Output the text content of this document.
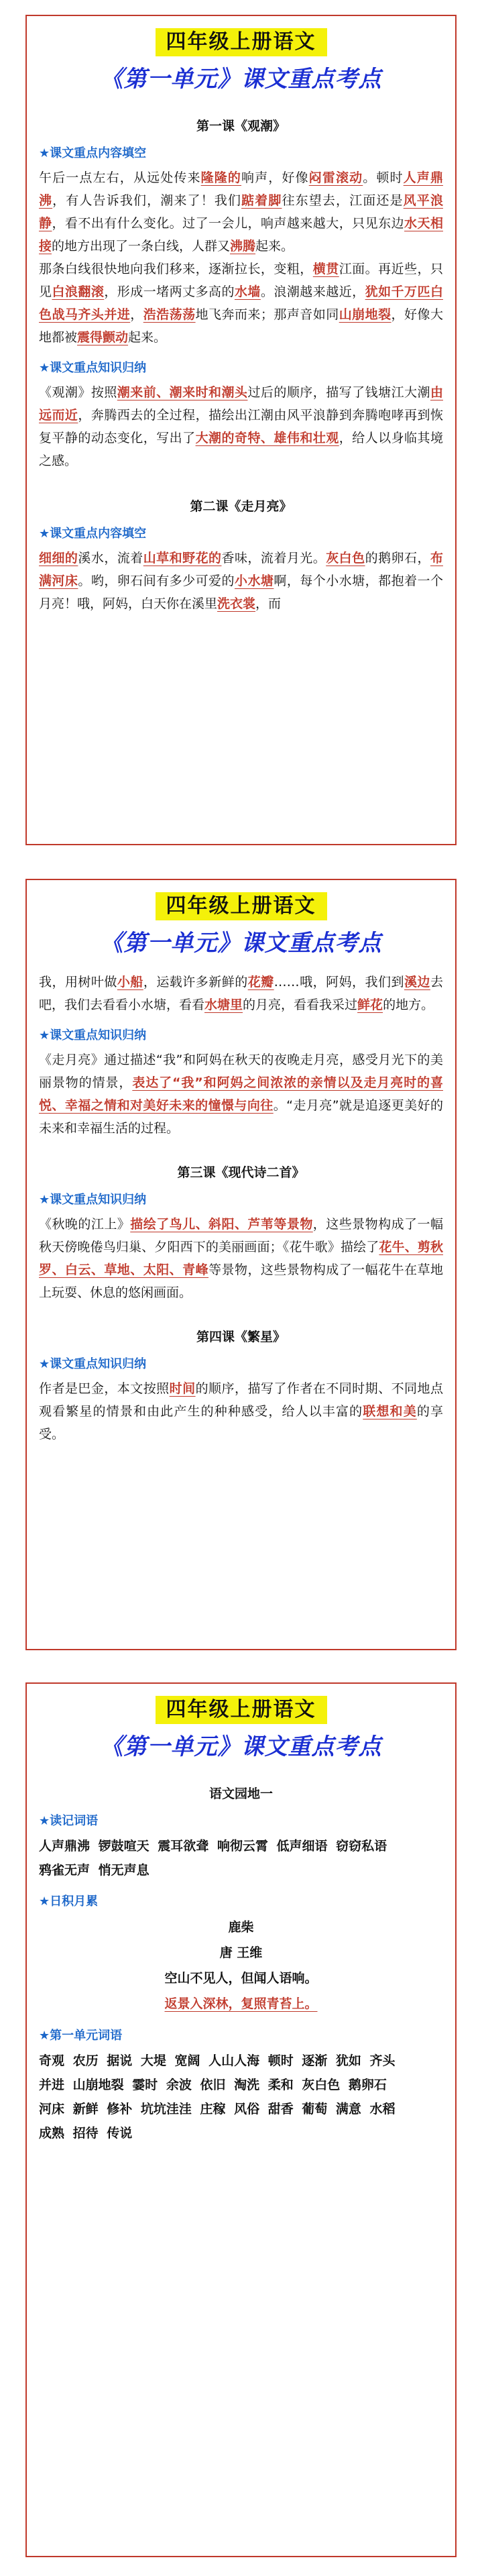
四年级上册语文
《第一单元》课文重点考点
第一课《观潮》
★课文重点内容填空

午后一点左右，从远处传来隆隆的响声，好像闷雷滚动。顿时人声鼎沸，有人告诉我们，潮来了！我们踮着脚往东望去，江面还是风平浪静，看不出有什么变化。过了一会儿，响声越来越大，只见东边水天相接的地方出现了一条白线，人群又沸腾起来。

那条白线很快地向我们移来，逐渐拉长，变粗，横贯江面。再近些，只见白浪翻滚，形成一堵两丈多高的水墙。浪潮越来越近，犹如千万匹白色战马齐头并进，浩浩荡荡地飞奔而来；那声音如同山崩地裂，好像大地都被震得颤动起来。

★课文重点知识归纳

《观潮》按照潮来前、潮来时和潮头过后的顺序，描写了钱塘江大潮由远而近，奔腾西去的全过程，描绘出江潮由风平浪静到奔腾咆哮再到恢复平静的动态变化，写出了大潮的奇特、雄伟和壮观，给人以身临其境之感。

第二课《走月亮》
★课文重点内容填空

细细的溪水，流着山草和野花的香味，流着月光。灰白色的鹅卵石，布满河床。哟，卵石间有多少可爱的小水塘啊，每个小水塘，都抱着一个月亮！哦，阿妈，白天你在溪里洗衣裳，而

四年级上册语文
《第一单元》课文重点考点

我，用树叶做小船，运载许多新鲜的花瓣……哦，阿妈，我们到溪边去吧，我们去看看小水塘，看看水塘里的月亮，看看我采过鲜花的地方。

★课文重点知识归纳

《走月亮》通过描述“我”和阿妈在秋天的夜晚走月亮，感受月光下的美丽景物的情景，表达了“我”和阿妈之间浓浓的亲情以及走月亮时的喜悦、幸福之情和对美好未来的憧憬与向往。“走月亮”就是追逐更美好的未来和幸福生活的过程。

第三课《现代诗二首》
★课文重点知识归纳

《秋晚的江上》描绘了鸟儿、斜阳、芦苇等景物，这些景物构成了一幅秋天傍晚倦鸟归巢、夕阳西下的美丽画面；《花牛歌》描绘了花牛、剪秋罗、白云、草地、太阳、青峰等景物，这些景物构成了一幅花牛在草地上玩耍、休息的悠闲画面。

第四课《繁星》
★课文重点知识归纳

作者是巴金，本文按照时间的顺序，描写了作者在不同时期、不同地点观看繁星的情景和由此产生的种种感受，给人以丰富的联想和美的享受。

四年级上册语文
《第一单元》课文重点考点
语文园地一
★读记词语

人声鼎沸 锣鼓喧天 震耳欲聋 响彻云霄 低声细语 窃窃私语

鸦雀无声 悄无声息

★日积月累

鹿柴

唐 王维

空山不见人，但闻人语响。

返景入深林，复照青苔上。

★第一单元词语

奇观 农历 据说 大堤 宽阔 人山人海 顿时 逐渐 犹如 齐头

并进 山崩地裂 霎时 余波 依旧 淘洗 柔和 灰白色 鹅卵石

河床 新鲜 修补 坑坑洼洼 庄稼 风俗 甜香 葡萄 满意 水稻

成熟 招待 传说
